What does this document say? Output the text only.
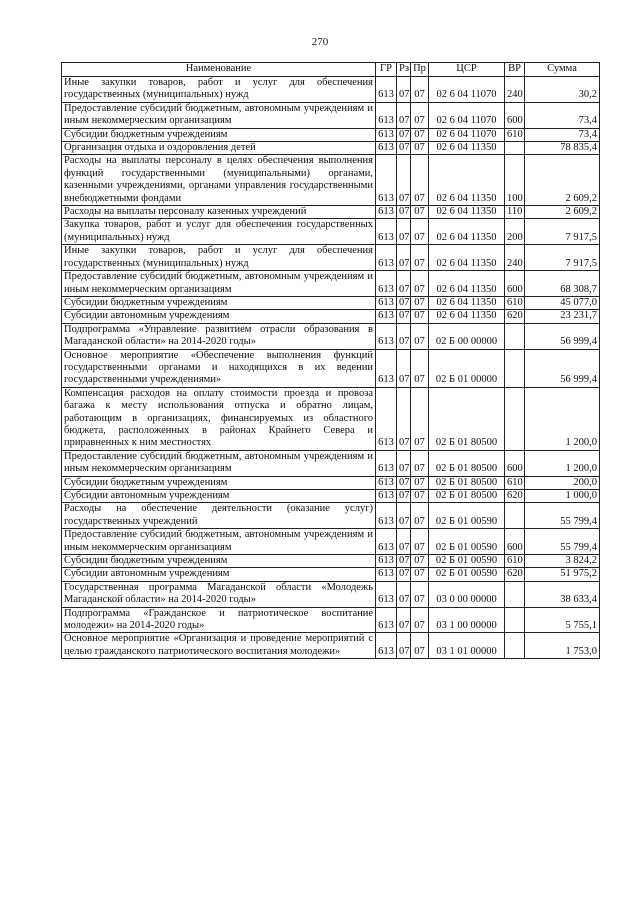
270
Наименование	ГР	Рз	Пр	ЦСР	ВР	Сумма
Иные закупки товаров, работ и услуг для обеспечения государственных (муниципальных) нужд	613	07	07	02 6 04 11070	240	30,2
Предоставление субсидий бюджетным, автономным учреждениям и иным некоммерческим организациям	613	07	07	02 6 04 11070	600	73,4
Субсидии бюджетным учреждениям	613	07	07	02 6 04 11070	610	73,4
Организация отдыха и оздоровления детей	613	07	07	02 6 04 11350		78 835,4
Расходы на выплаты персоналу в целях обеспечения выполнения функций государственными (муниципальными) органами, казенными учреждениями, органами управления государственными внебюджетными фондами	613	07	07	02 6 04 11350	100	2 609,2
Расходы на выплаты персоналу казенных учреждений	613	07	07	02 6 04 11350	110	2 609,2
Закупка товаров, работ и услуг для обеспечения государственных (муниципальных) нужд	613	07	07	02 6 04 11350	200	7 917,5
Иные закупки товаров, работ и услуг для обеспечения государственных (муниципальных) нужд	613	07	07	02 6 04 11350	240	7 917,5
Предоставление субсидий бюджетным, автономным учреждениям и иным некоммерческим организациям	613	07	07	02 6 04 11350	600	68 308,7
Субсидии бюджетным учреждениям	613	07	07	02 6 04 11350	610	45 077,0
Субсидии автономным учреждениям	613	07	07	02 6 04 11350	620	23 231,7
Подпрограмма «Управление развитием отрасли образования в Магаданской области» на 2014-2020 годы»	613	07	07	02 Б 00 00000		56 999,4
Основное мероприятие «Обеспечение выполнения функций государственными органами и находящихся в их ведении государственными учреждениями»	613	07	07	02 Б 01 00000		56 999,4
Компенсация расходов на оплату стоимости проезда и провоза багажа к месту использования отпуска и обратно лицам, работающим в организациях, финансируемых из областного бюджета, расположенных в районах Крайнего Севера и приравненных к ним местностях	613	07	07	02 Б 01 80500		1 200,0
Предоставление субсидий бюджетным, автономным учреждениям и иным некоммерческим организациям	613	07	07	02 Б 01 80500	600	1 200,0
Субсидии бюджетным учреждениям	613	07	07	02 Б 01 80500	610	200,0
Субсидии автономным учреждениям	613	07	07	02 Б 01 80500	620	1 000,0
Расходы на обеспечение деятельности (оказание услуг) государственных учреждений	613	07	07	02 Б 01 00590		55 799,4
Предоставление субсидий бюджетным, автономным учреждениям и иным некоммерческим организациям	613	07	07	02 Б 01 00590	600	55 799,4
Субсидии бюджетным учреждениям	613	07	07	02 Б 01 00590	610	3 824,2
Субсидии автономным учреждениям	613	07	07	02 Б 01 00590	620	51 975,2
Государственная программа Магаданской области «Молодежь Магаданской области» на 2014-2020 годы»	613	07	07	03 0 00 00000		38 633,4
Подпрограмма «Гражданское и патриотическое воспитание молодежи» на 2014-2020 годы»	613	07	07	03 1 00 00000		5 755,1
Основное мероприятие «Организация и проведение мероприятий с целью гражданского патриотического воспитания молодежи»	613	07	07	03 1 01 00000		1 753,0
